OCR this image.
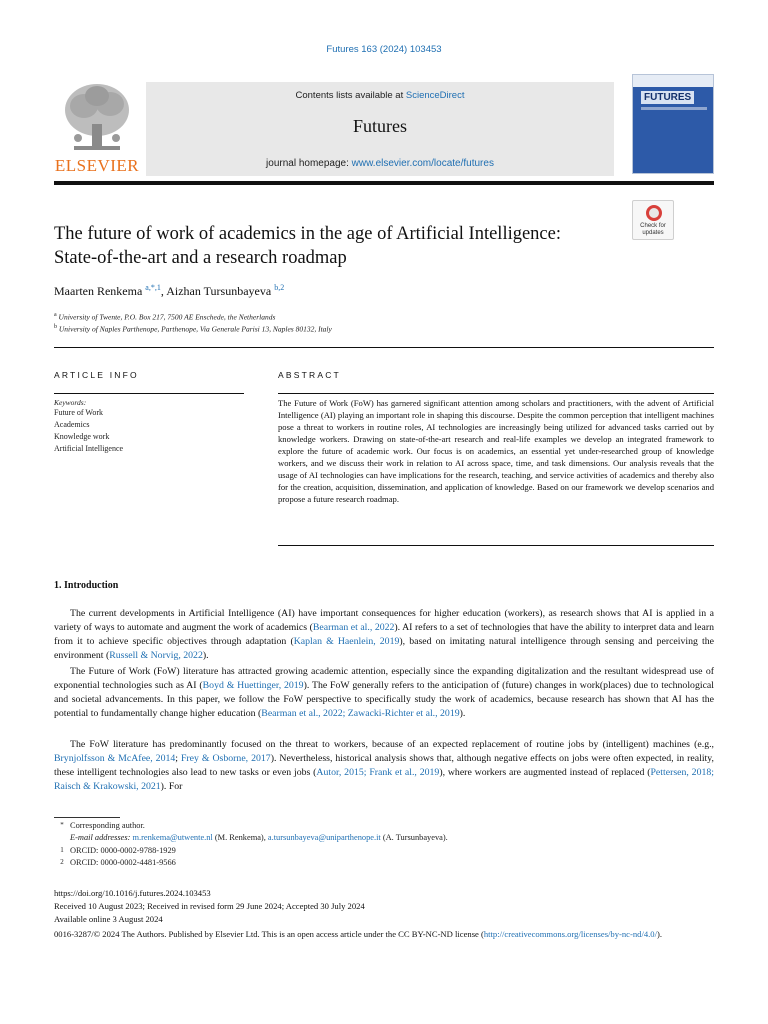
Futures 163 (2024) 103453
ELSEVIER
Contents lists available at ScienceDirect
Futures
journal homepage: www.elsevier.com/locate/futures
FUTURES
Check for updates
The future of work of academics in the age of Artificial Intelligence: State-of-the-art and a research roadmap
Maarten Renkema $^{a,*,1}$, Aizhan Tursunbayeva $^{b,2}$
$^a$ University of Twente, P.O. Box 217, 7500 AE Enschede, the Netherlands
$^b$ University of Naples Parthenope, Parthenope, Via Generale Parisi 13, Naples 80132, Italy
ARTICLE INFO
Keywords:
Future of Work
Academics
Knowledge work
Artificial Intelligence
ABSTRACT
The Future of Work (FoW) has garnered significant attention among scholars and practitioners, with the advent of Artificial Intelligence (AI) playing an important role in shaping this discourse. Despite the common perception that intelligent machines pose a threat to workers in routine roles, AI technologies are increasingly being utilized for advanced tasks carried out by knowledge workers. Drawing on state-of-the-art research and real-life examples we develop an integrated framework to explore the future of academic work. Our focus is on academics, an essential yet under-researched group of knowledge workers, and we discuss their work in relation to AI across space, time, and task dimensions. Our analysis reveals that the usage of AI technologies can have implications for the research, teaching, and service activities of academics and thereby also for the creation, acquisition, dissemination, and application of knowledge. Based on our framework we develop scenarios and propose a future research roadmap.
1. Introduction
The current developments in Artificial Intelligence (AI) have important consequences for higher education (workers), as research shows that AI is applied in a variety of ways to automate and augment the work of academics (Bearman et al., 2022). AI refers to a set of technologies that have the ability to interpret data and learn from it to achieve specific objectives through adaptation (Kaplan & Haenlein, 2019), based on imitating natural intelligence through sensing and perceiving the environment (Russell & Norvig, 2022).
The Future of Work (FoW) literature has attracted growing academic attention, especially since the expanding digitalization and the resultant widespread use of exponential technologies such as AI (Boyd & Huettinger, 2019). The FoW generally refers to the anticipation of (future) changes in work(places) due to technological and societal advancements. In this paper, we follow the FoW perspective to specifically study the work of academics, because research has shown that AI has the potential to fundamentally change higher education (Bearman et al., 2022; Zawacki-Richter et al., 2019).
The FoW literature has predominantly focused on the threat to workers, because of an expected replacement of routine jobs by (intelligent) machines (e.g., Brynjolfsson & McAfee, 2014; Frey & Osborne, 2017). Nevertheless, historical analysis shows that, although negative effects on jobs were often expected, in reality, these intelligent technologies also lead to new tasks or even jobs (Autor, 2015; Frank et al., 2019), where workers are augmented instead of replaced (Pettersen, 2018; Raisch & Krakowski, 2021). For
* Corresponding author.
E-mail addresses: m.renkema@utwente.nl (M. Renkema), a.tursunbayeva@uniparthenope.it (A. Tursunbayeva).
1 ORCID: 0000-0002-9788-1929
2 ORCID: 0000-0002-4481-9566
https://doi.org/10.1016/j.futures.2024.103453
Received 10 August 2023; Received in revised form 29 June 2024; Accepted 30 July 2024
Available online 3 August 2024
0016-3287/© 2024 The Authors. Published by Elsevier Ltd. This is an open access article under the CC BY-NC-ND license (http://creativecommons.org/licenses/by-nc-nd/4.0/).
